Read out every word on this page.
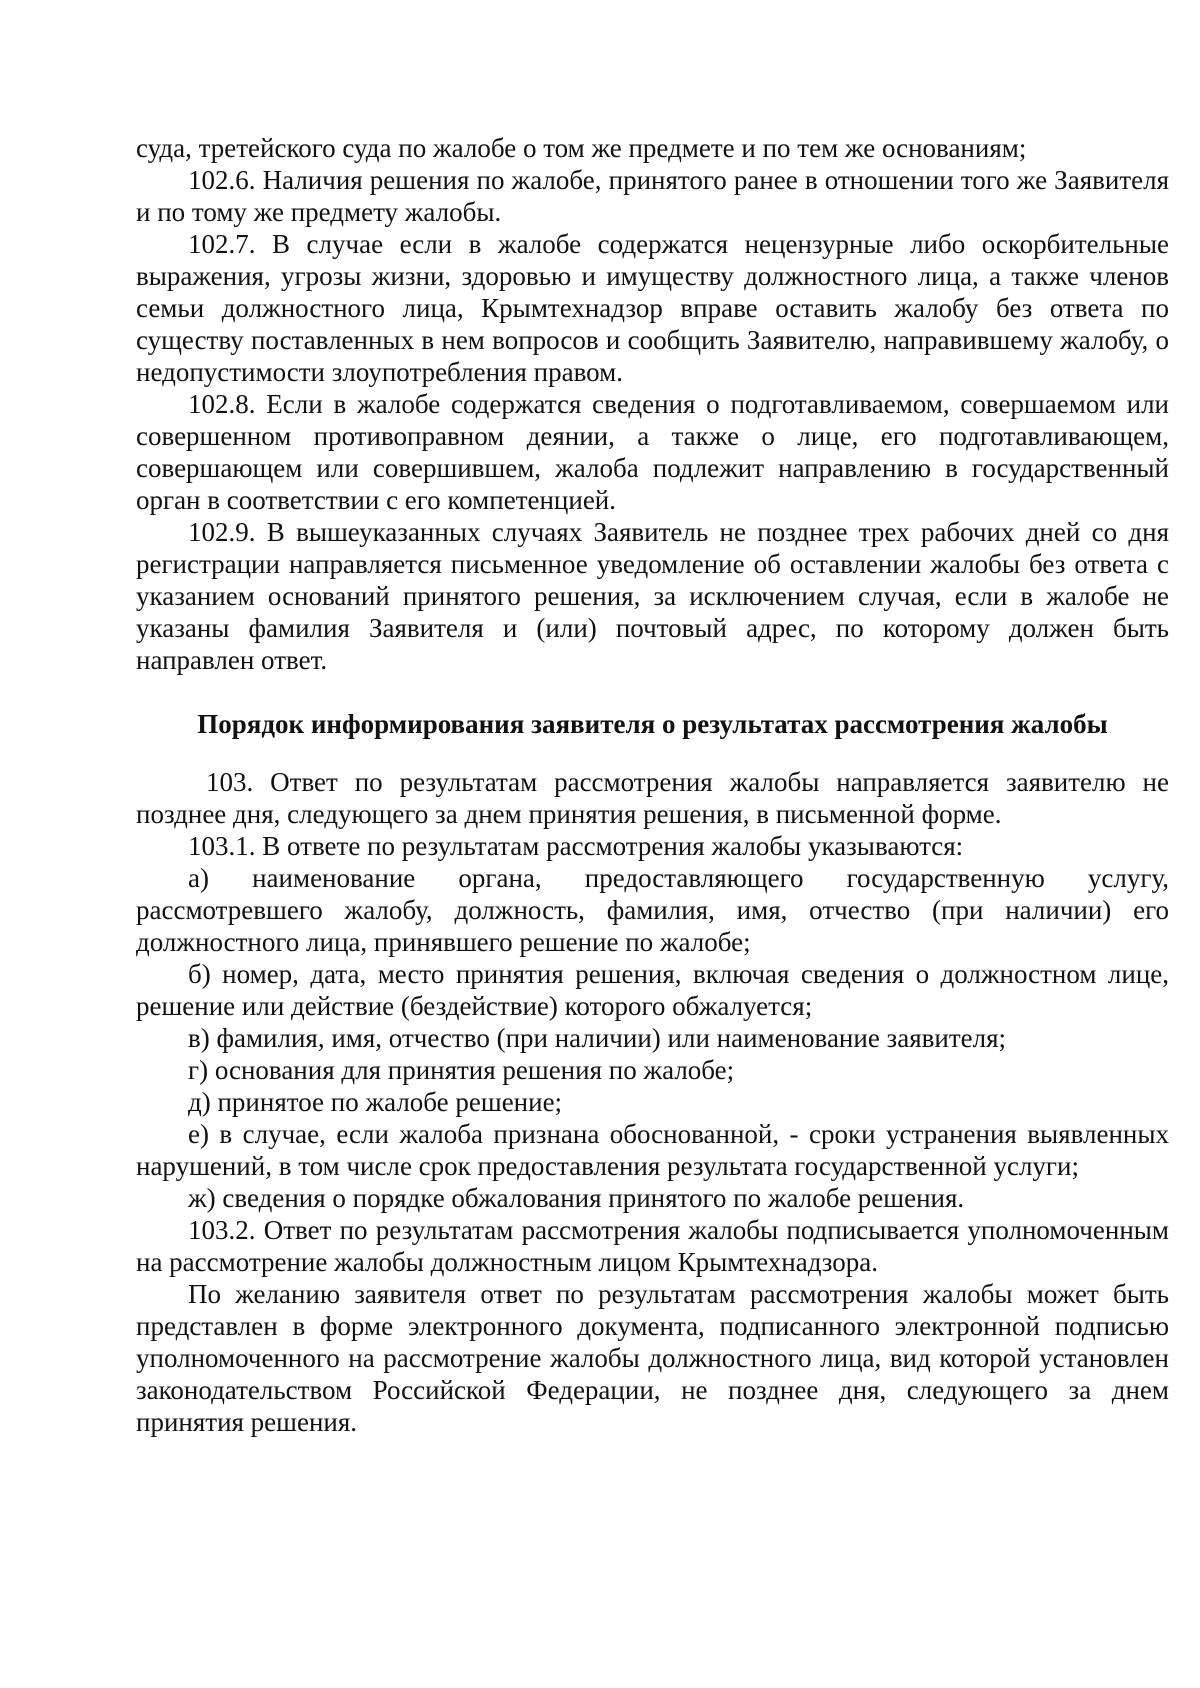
суда, третейского суда по жалобе о том же предмете и по тем же основаниям;

102.6. Наличия решения по жалобе, принятого ранее в отношении того же Заявителя и по тому же предмету жалобы.

102.7. В случае если в жалобе содержатся нецензурные либо оскорбительные выражения, угрозы жизни, здоровью и имуществу должностного лица, а также членов семьи должностного лица, Крымтехнадзор вправе оставить жалобу без ответа по существу поставленных в нем вопросов и сообщить Заявителю, направившему жалобу, о недопустимости злоупотребления правом.

102.8. Если в жалобе содержатся сведения о подготавливаемом, совершаемом или совершенном противоправном деянии, а также о лице, его подготавливающем, совершающем или совершившем, жалоба подлежит направлению в государственный орган в соответствии с его компетенцией.

102.9. В вышеуказанных случаях Заявитель не позднее трех рабочих дней со дня регистрации направляется письменное уведомление об оставлении жалобы без ответа с указанием оснований принятого решения, за исключением случая, если в жалобе не указаны фамилия Заявителя и (или) почтовый адрес, по которому должен быть направлен ответ.

Порядок информирования заявителя о результатах рассмотрения жалобы

103. Ответ по результатам рассмотрения жалобы направляется заявителю не позднее дня, следующего за днем принятия решения, в письменной форме.

103.1. В ответе по результатам рассмотрения жалобы указываются:

а) наименование органа, предоставляющего государственную услугу, рассмотревшего жалобу, должность, фамилия, имя, отчество (при наличии) его должностного лица, принявшего решение по жалобе;

б) номер, дата, место принятия решения, включая сведения о должностном лице, решение или действие (бездействие) которого обжалуется;

в) фамилия, имя, отчество (при наличии) или наименование заявителя;

г) основания для принятия решения по жалобе;

д) принятое по жалобе решение;

е) в случае, если жалоба признана обоснованной, - сроки устранения выявленных нарушений, в том числе срок предоставления результата государственной услуги;

ж) сведения о порядке обжалования принятого по жалобе решения.

103.2. Ответ по результатам рассмотрения жалобы подписывается уполномоченным на рассмотрение жалобы должностным лицом Крымтехнадзора.

По желанию заявителя ответ по результатам рассмотрения жалобы может быть представлен в форме электронного документа, подписанного электронной подписью уполномоченного на рассмотрение жалобы должностного лица, вид которой установлен законодательством Российской Федерации, не позднее дня, следующего за днем принятия решения.
